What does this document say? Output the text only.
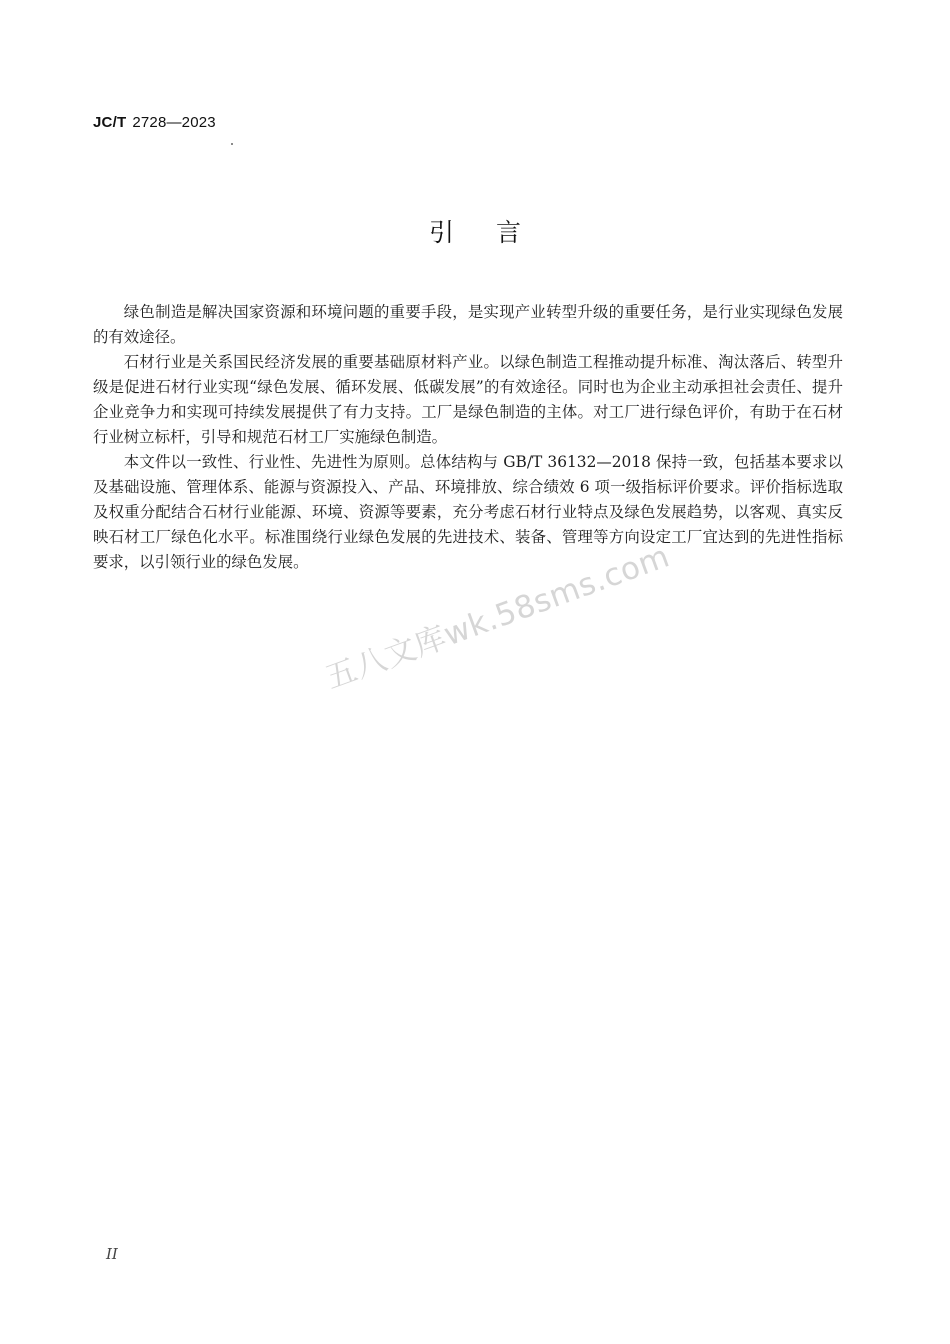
JC/T 2728—2023
引言

绿色制造是解决国家资源和环境问题的重要手段，是实现产业转型升级的重要任务，是行业实现绿色发展的有效途径。

石材行业是关系国民经济发展的重要基础原材料产业。以绿色制造工程推动提升标准、淘汰落后、转型升级是促进石材行业实现“绿色发展、循环发展、低碳发展”的有效途径。同时也为企业主动承担社会责任、提升企业竞争力和实现可持续发展提供了有力支持。工厂是绿色制造的主体。对工厂进行绿色评价，有助于在石材行业树立标杆，引导和规范石材工厂实施绿色制造。

本文件以一致性、行业性、先进性为原则。总体结构与 GB/T 36132—2018 保持一致，包括基本要求以及基础设施、管理体系、能源与资源投入、产品、环境排放、综合绩效 6 项一级指标评价要求。评价指标选取及权重分配结合石材行业能源、环境、资源等要素，充分考虑石材行业特点及绿色发展趋势，以客观、真实反映石材工厂绿色化水平。标准围绕行业绿色发展的先进技术、装备、管理等方向设定工厂宜达到的先进性指标要求，以引领行业的绿色发展。 五八文库wk.58sms.com
II
